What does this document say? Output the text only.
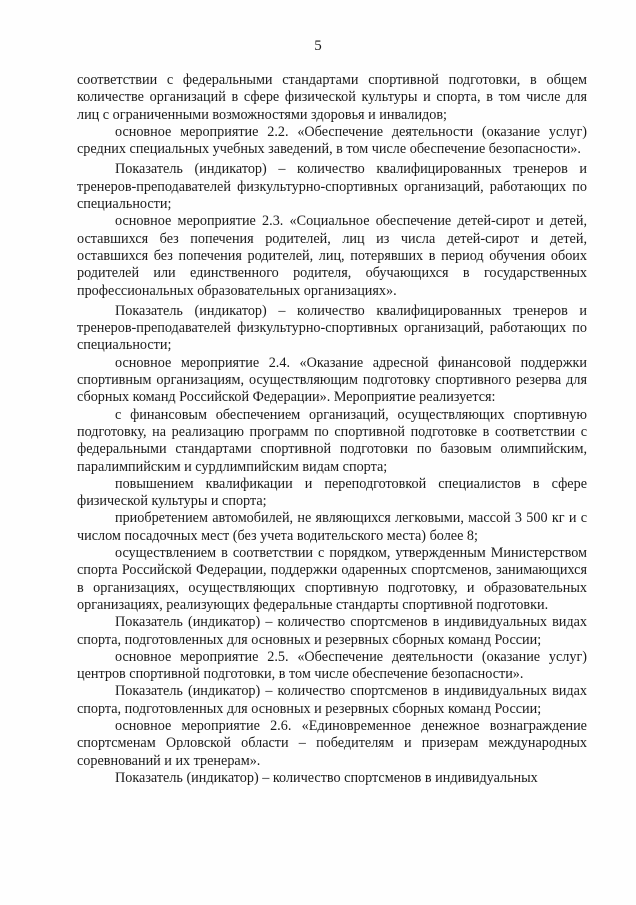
5

соответствии с федеральными стандартами спортивной подготовки, в общем количестве организаций в сфере физической культуры и спорта, в том числе для лиц с ограниченными возможностями здоровья и инвалидов;

основное мероприятие 2.2. «Обеспечение деятельности (оказание услуг) средних специальных учебных заведений, в том числе обеспечение безопасности».

Показатель (индикатор) – количество квалифицированных тренеров и тренеров-преподавателей физкультурно-спортивных организаций, работающих по специальности;

основное мероприятие 2.3. «Социальное обеспечение детей-сирот и детей, оставшихся без попечения родителей, лиц из числа детей-сирот и детей, оставшихся без попечения родителей, лиц, потерявших в период обучения обоих родителей или единственного родителя, обучающихся в государственных профессиональных образовательных организациях».

Показатель (индикатор) – количество квалифицированных тренеров и тренеров-преподавателей физкультурно-спортивных организаций, работающих по специальности;

основное мероприятие 2.4. «Оказание адресной финансовой поддержки спортивным организациям, осуществляющим подготовку спортивного резерва для сборных команд Российской Федерации». Мероприятие реализуется:

с финансовым обеспечением организаций, осуществляющих спортивную подготовку, на реализацию программ по спортивной подготовке в соответствии с федеральными стандартами спортивной подготовки по базовым олимпийским, паралимпийским и сурдлимпийским видам спорта;

повышением квалификации и переподготовкой специалистов в сфере физической культуры и спорта;

приобретением автомобилей, не являющихся легковыми, массой 3 500 кг и с числом посадочных мест (без учета водительского места) более 8;

осуществлением в соответствии с порядком, утвержденным Министерством спорта Российской Федерации, поддержки одаренных спортсменов, занимающихся в организациях, осуществляющих спортивную подготовку, и образовательных организациях, реализующих федеральные стандарты спортивной подготовки.

Показатель (индикатор) – количество спортсменов в индивидуальных видах спорта, подготовленных для основных и резервных сборных команд России;

основное мероприятие 2.5. «Обеспечение деятельности (оказание услуг) центров спортивной подготовки, в том числе обеспечение безопасности».

Показатель (индикатор) – количество спортсменов в индивидуальных видах спорта, подготовленных для основных и резервных сборных команд России;

основное мероприятие 2.6. «Единовременное денежное вознаграждение спортсменам Орловской области – победителям и призерам международных соревнований и их тренерам».

Показатель (индикатор) – количество спортсменов в индивидуальных
